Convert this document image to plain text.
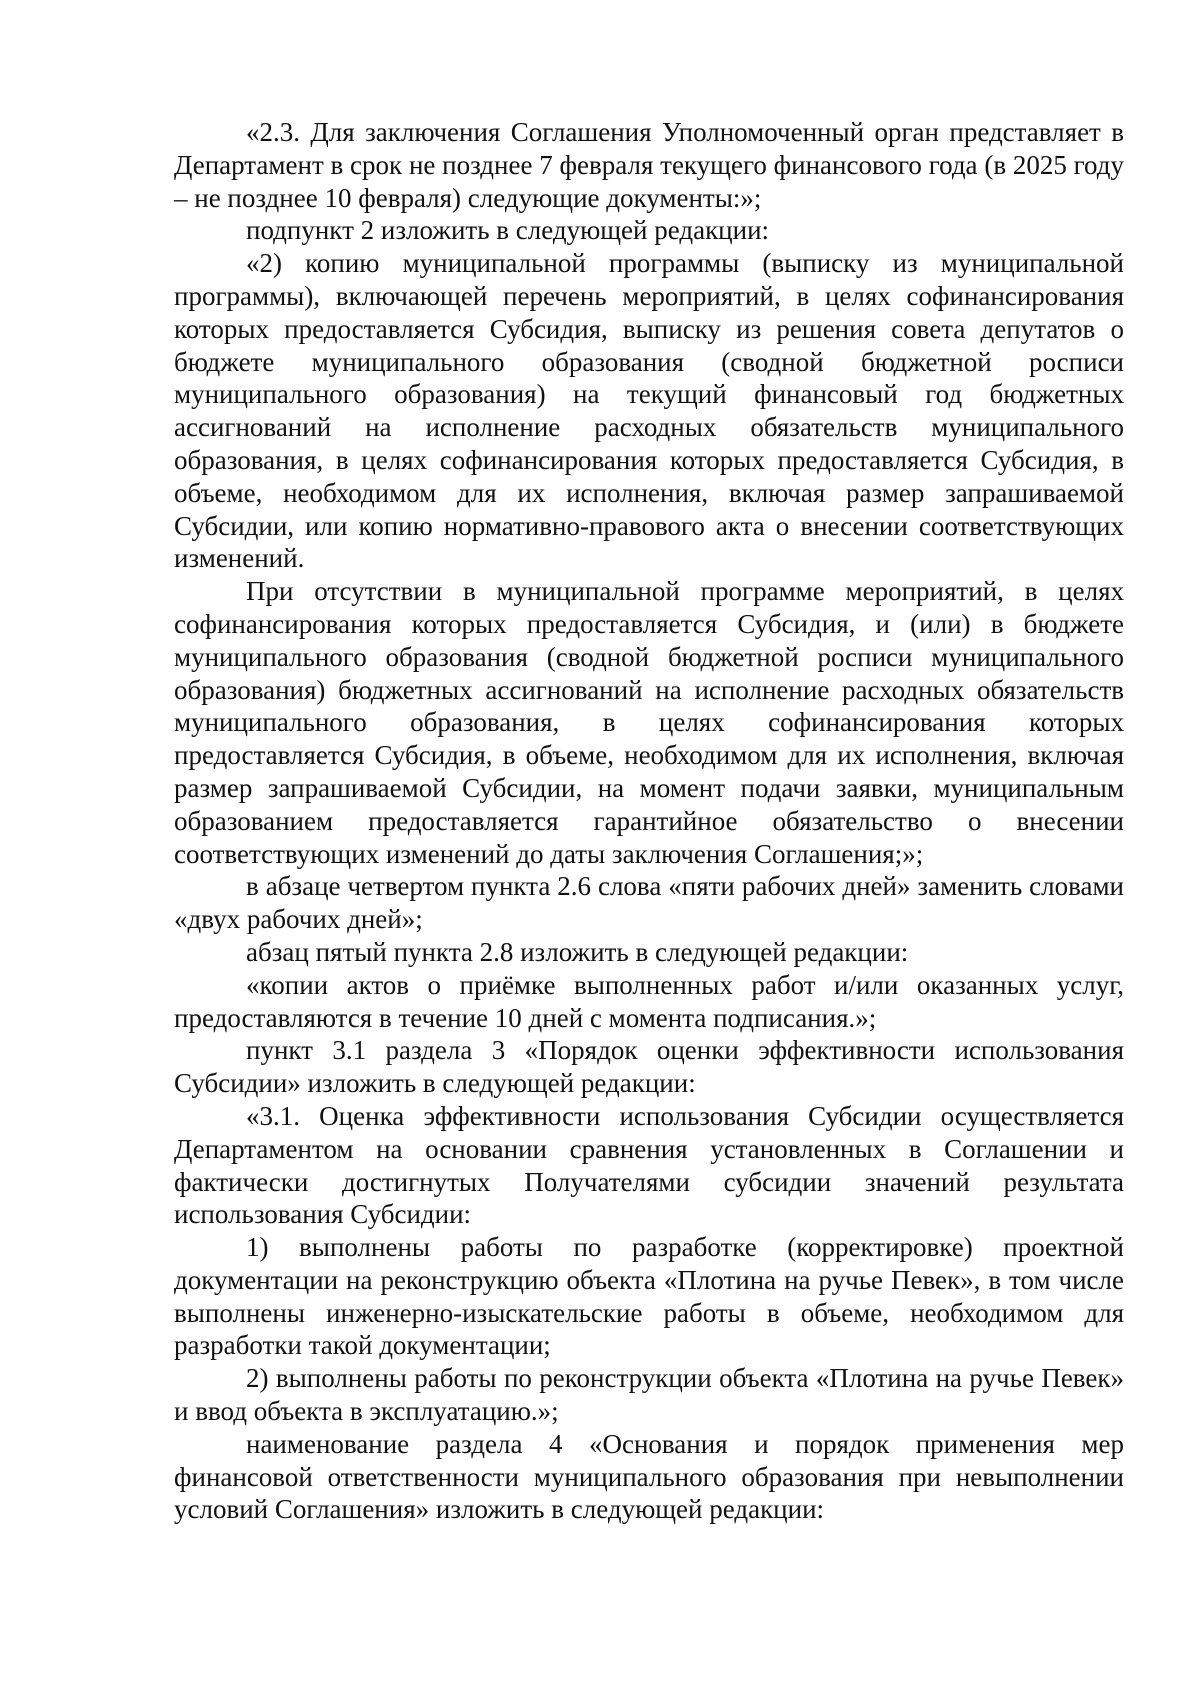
«2.3. Для заключения Соглашения Уполномоченный орган представляет в Департамент в срок не позднее 7 февраля текущего финансового года (в 2025 году – не позднее 10 февраля) следующие документы:»;

подпункт 2 изложить в следующей редакции:

«2) копию муниципальной программы (выписку из муниципальной программы), включающей перечень мероприятий, в целях софинансирования которых предоставляется Субсидия, выписку из решения совета депутатов о бюджете муниципального образования (сводной бюджетной росписи муниципального образования) на текущий финансовый год бюджетных ассигнований на исполнение расходных обязательств муниципального образования, в целях софинансирования которых предоставляется Субсидия, в объеме, необходимом для их исполнения, включая размер запрашиваемой Субсидии, или копию нормативно-правового акта о внесении соответствующих изменений.

При отсутствии в муниципальной программе мероприятий, в целях софинансирования которых предоставляется Субсидия, и (или) в бюджете муниципального образования (сводной бюджетной росписи муниципального образования) бюджетных ассигнований на исполнение расходных обязательств муниципального образования, в целях софинансирования которых предоставляется Субсидия, в объеме, необходимом для их исполнения, включая размер запрашиваемой Субсидии, на момент подачи заявки, муниципальным образованием предоставляется гарантийное обязательство о внесении соответствующих изменений до даты заключения Соглашения;»;

в абзаце четвертом пункта 2.6 слова «пяти рабочих дней» заменить словами «двух рабочих дней»;

абзац пятый пункта 2.8 изложить в следующей редакции:

«копии актов о приёмке выполненных работ и/или оказанных услуг, предоставляются в течение 10 дней с момента подписания.»;

пункт 3.1 раздела 3 «Порядок оценки эффективности использования Субсидии» изложить в следующей редакции:

«3.1. Оценка эффективности использования Субсидии осуществляется Департаментом на основании сравнения установленных в Соглашении и фактически достигнутых Получателями субсидии значений результата использования Субсидии:

1) выполнены работы по разработке (корректировке) проектной документации на реконструкцию объекта «Плотина на ручье Певек», в том числе выполнены инженерно-изыскательские работы в объеме, необходимом для разработки такой документации;

2) выполнены работы по реконструкции объекта «Плотина на ручье Певек» и ввод объекта в эксплуатацию.»;

наименование раздела 4 «Основания и порядок применения мер финансовой ответственности муниципального образования при невыполнении условий Соглашения» изложить в следующей редакции:
